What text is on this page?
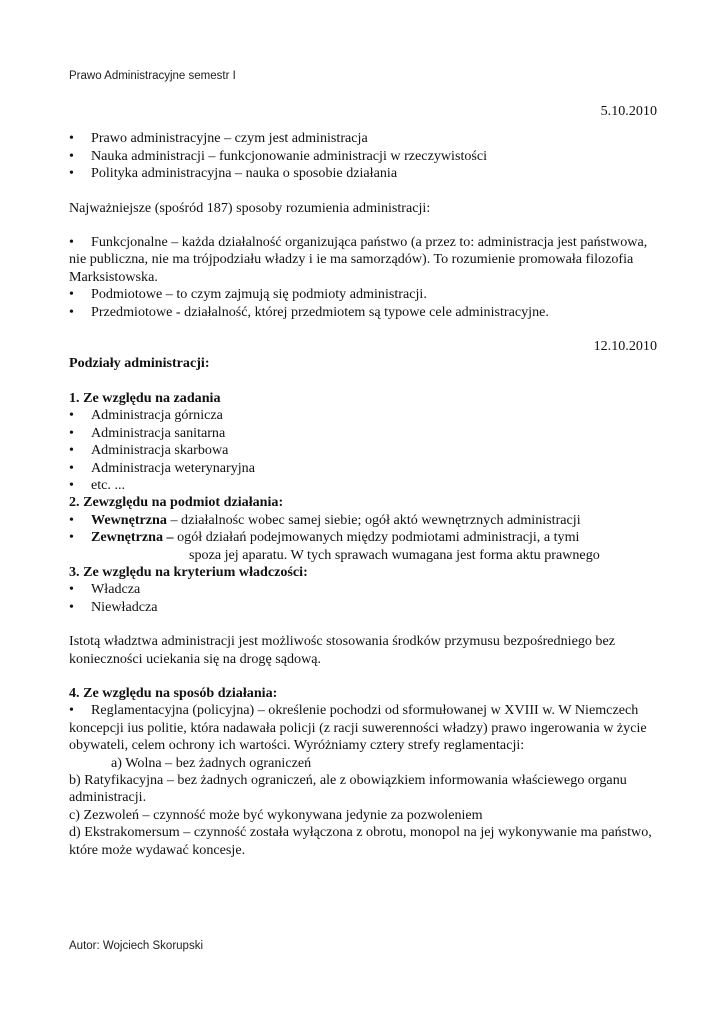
Prawo Administracyjne semestr I
5.10.2010
•	Prawo administracyjne – czym jest administracja
•	Nauka administracji – funkcjonowanie administracji w rzeczywistości
•	Polityka administracyjna – nauka o sposobie działania
Najważniejsze (spośród 187) sposoby rozumienia administracji:
• Funkcjonalne – każda działalność organizująca państwo (a przez to: administracja jest państwowa, nie publiczna, nie ma trójpodziału władzy i ie ma samorządów). To rozumienie promowała filozofia Marksistowska.
•	Podmiotowe – to czym zajmują się podmioty administracji.
•	Przedmiotowe - działalność, której przedmiotem są typowe cele administracyjne.
12.10.2010
Podziały administracji:
1. Ze względu na zadania
•	Administracja górnicza
•	Administracja sanitarna
•	Administracja skarbowa
•	Administracja weterynaryjna
•	etc. ...
2. Zewzględu na podmiot działania:
•	Wewnętrzna – działalnośc wobec samej siebie; ogół aktó wewnętrznych administracji
•	Zewnętrzna – ogół działań podejmowanych między podmiotami administracji, a tymi
spoza jej aparatu. W tych sprawach wumagana jest forma aktu prawnego
3. Ze względu na kryterium władczości:
•	Władcza
•	Niewładcza
Istotą władztwa administracji jest możliwośc stosowania środków przymusu bezpośredniego bez konieczności uciekania się na drogę sądową.
4. Ze względu na sposób działania:
• Reglamentacyjna (policyjna) – określenie pochodzi od sformułowanej w XVIII w. W Niemczech koncepcji ius politie, która nadawała policji (z racji suwerenności władzy) prawo ingerowania w życie obywateli, celem ochrony ich wartości. Wyróżniamy cztery strefy reglamentacji:
a) Wolna – bez żadnych ograniczeń
b) Ratyfikacyjna – bez żadnych ograniczeń, ale z obowiązkiem informowania właściewego organu administracji.
c) Zezwoleń – czynność może być wykonywana jedynie za pozwoleniem
d) Ekstrakomersum – czynność została wyłączona z obrotu, monopol na jej wykonywanie ma państwo, które może wydawać koncesje.
Autor: Wojciech Skorupski
